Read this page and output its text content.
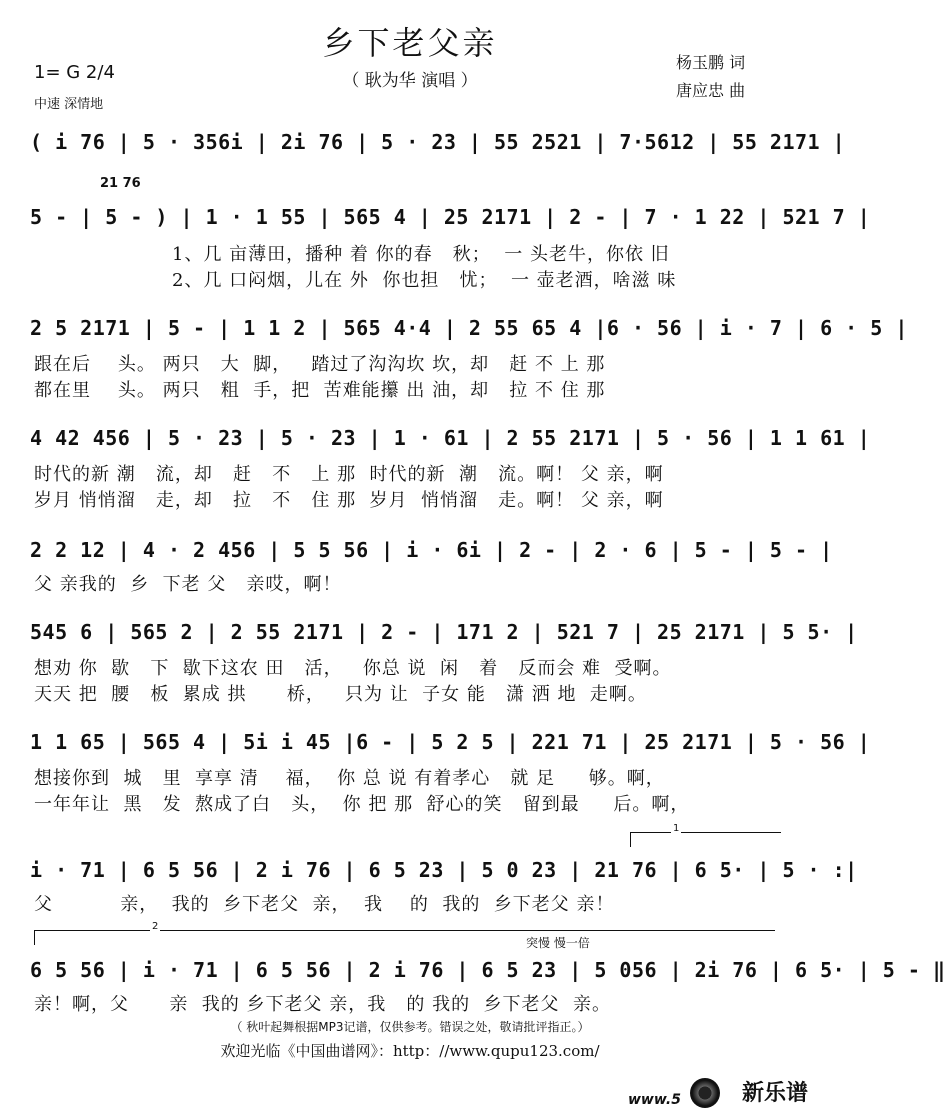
乡下老父亲
（ 耿为华 演唱 ）
1= G 2/4
中速 深情地
杨玉鹏 词
唐应忠 曲
( i 76 | 5 · 356i | 2i 76 | 5 · 23 | 55 2521 | 7·5612 | 55 2171 |
21 76
5 - | 5 - ) | 1 · 1 55 | 565 4 | 25 2171 | 2 - | 7 · 1 22 | 521 7 |
1、几 亩薄田，播种 着 你的春   秋；  一 头老牛，你依 旧
2、几 口闷烟，儿在 外  你也担   忧；  一 壶老酒，啥滋 味
2 5 2171 | 5 - | 1 1 2 | 565 4·4 | 2 55 65 4 |6 · 56 | i · 7 | 6 · 5 |
跟在后    头。 两只   大  脚，   踏过了沟沟坎 坎，却   赶 不 上 那
都在里    头。 两只   粗  手，把  苦难能攥 出 油，却   拉 不 住 那
4 42 456 | 5 · 23 | 5 · 23 | 1 · 61 | 2 55 2171 | 5 · 56 | 1 1 61 |
时代的新 潮   流，却   赶   不   上 那  时代的新  潮   流。啊！ 父 亲，啊
岁月 悄悄溜   走，却   拉   不   住 那  岁月  悄悄溜   走。啊！ 父 亲，啊
2 2 12 | 4 · 2 456 | 5 5 56 | i · 6i | 2 - | 2 · 6 | 5 - | 5 - |
父 亲我的  乡  下老 父   亲哎，啊！
545 6 | 565 2 | 2 55 2171 | 2 - | 171 2 | 521 7 | 25 2171 | 5 5· |
想劝 你  歇   下  歇下这农 田   活，   你总 说  闲   着   反而会 难  受啊。
天天 把  腰   板  累成 拱      桥，   只为 让  子女 能   潇 洒 地  走啊。
1 1 65 | 565 4 | 5i i 45 |6 - | 5 2 5 | 221 71 | 25 2171 | 5 · 56 |
想接你到  城   里  享享 清    福，  你 总 说 有着孝心   就 足     够。啊，
一年年让  黑   发  熬成了白   头，  你 把 那  舒心的笑   留到最     后。啊，
1
i · 71 | 6 5 56 | 2 i 76 | 6 5 23 | 5 0 23 | 21 76 | 6 5· | 5 · :|
父          亲，  我的  乡下老父  亲，  我    的  我的  乡下老父 亲！
2
突慢 慢一倍
6 5 56 | i · 71 | 6 5 56 | 2 i 76 | 6 5 23 | 5 056 | 2i 76 | 6 5· | 5 - ‖
亲！啊，父      亲  我的 乡下老父 亲，我   的 我的  乡下老父  亲。
（ 秋叶起舞根据MP3记谱，仅供参考。错误之处，敬请批评指正。）
欢迎光临《中国曲谱网》：http：//www.qupu123.com/
www.5	新乐谱
